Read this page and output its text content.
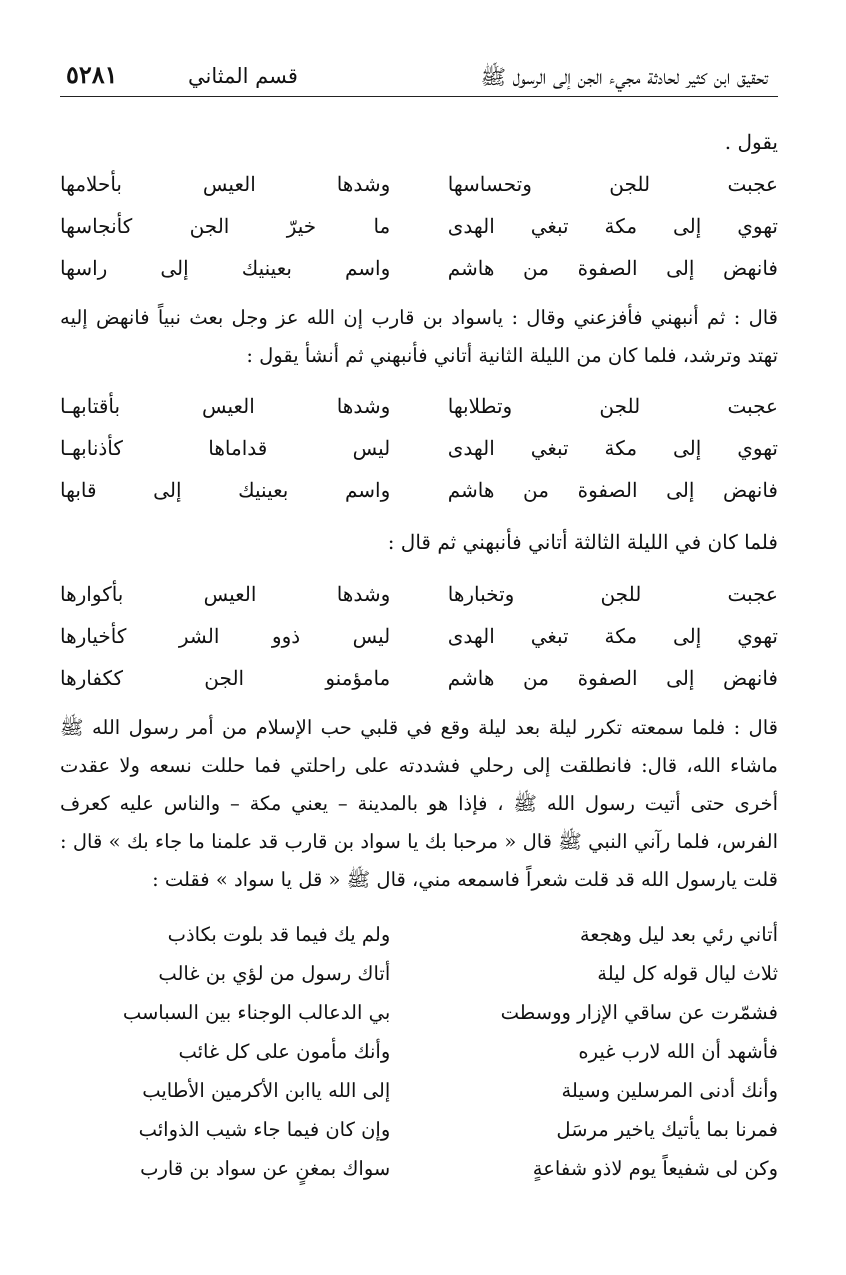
تحقيق ابن كثير لحادثة مجيء الجن إلى الرسول ﷺ
قسم المثاني
٥٢٨١
يقول .
عجبت للجن وتحساسها
وشدها العيس بأحلامها
تهوي إلى مكة تبغي الهدى
ما خيرّ الجن كأنجاسها
فانهض إلى الصفوة من هاشم
واسم بعينيك إلى راسها

قال : ثم أنبهني فأفزعني وقال : ياسواد بن قارب إن الله عز وجل بعث نبياً فانهض إليه تهتد وترشد، فلما كان من الليلة الثانية أتاني فأنبهني ثم أنشأ يقول :

عجبت للجن وتطلابها
وشدها العيس بأقتابهـا
تهوي إلى مكة تبغي الهدى
ليس قداماها كأذنابهـا
فانهض إلى الصفوة من هاشم
واسم بعينيك إلى قابها
فلما كان في الليلة الثالثة أتاني فأنبهني ثم قال :
عجبت للجن وتخبارها
وشدها العيس بأكوارها
تهوي إلى مكة تبغي الهدى
ليس ذوو الشر كأخيارها
فانهض إلى الصفوة من هاشم
مامؤمنو الجن ككفارها

قال : فلما سمعته تكرر ليلة بعد ليلة وقع في قلبي حب الإسلام من أمر رسول الله ﷺ ماشاء الله، قال: فانطلقت إلى رحلي فشددته على راحلتي فما حللت نسعه ولا عقدت أخرى حتى أتيت رسول الله ﷺ ، فإذا هو بالمدينة – يعني مكة – والناس عليه كعرف الفرس، فلما رآني النبي ﷺ قال « مرحبا بك يا سواد بن قارب قد علمنا ما جاء بك » قال : قلت يارسول الله قد قلت شعراً فاسمعه مني، قال ﷺ « قل يا سواد » فقلت :

أتاني رئي بعد ليل وهجعة
ولم يك فيما قد بلوت بكاذب
ثلاث ليال قوله كل ليلة
أتاك رسول من لؤي بن غالب
فشمّرت عن ساقي الإزار ووسطت
بي الدعالب الوجناء بين السباسب
فأشهد أن الله لارب غيره
وأنك مأمون على كل غائب
وأنك أدنى المرسلين وسيلة
إلى الله ياابن الأكرمين الأطايب
فمرنا بما يأتيك ياخير مرسَل
وإن كان فيما جاء شيب الذوائب
وكن لى شفيعاً يوم لاذو شفاعةٍ
سواك بمغنٍ عن سواد بن قارب
